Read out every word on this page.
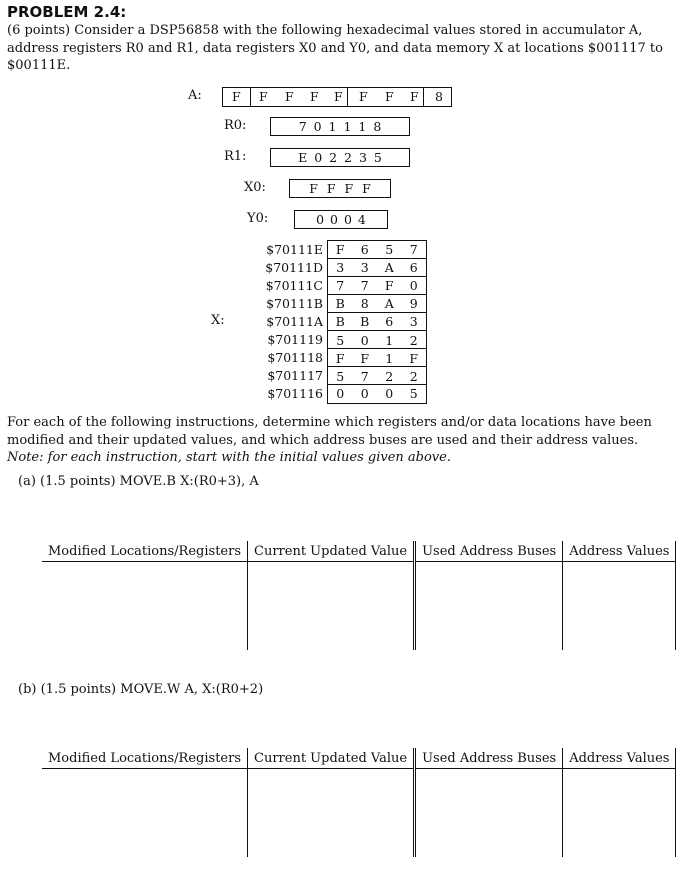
PROBLEM 2.4:
(6 points) Consider a DSP56858 with the following hexadecimal values stored in accumulator A, address registers R0 and R1, data registers X0 and Y0, and data memory X at locations $001117 to $00111E.
A: F F F F F F F F 8
R0:	7 0 1 1 1 8
R1:	E 0 2 2 3 5
X0:	F F F F
Y0:	0 0 0 4
X:
$70111E	F	6	5	7
$70111D	3	3	A	6
$70111C	7	7	F	0
$70111B	B	8	A	9
$70111A	B	B	6	3
$701119	5	0	1	2
$701118	F	F	1	F
$701117	5	7	2	2
$701116	0	0	0	5
For each of the following instructions, determine which registers and/or data locations have been modified and their updated values, and which address buses are used and their address values.
Note: for each instruction, start with the initial values given above.
(a) (1.5 points) MOVE.B X:(R0+3), A
Modified Locations/Registers	Current Updated Value	Used Address Buses	Address Values

(b) (1.5 points) MOVE.W A, X:(R0+2)
Modified Locations/Registers	Current Updated Value	Used Address Buses	Address Values
